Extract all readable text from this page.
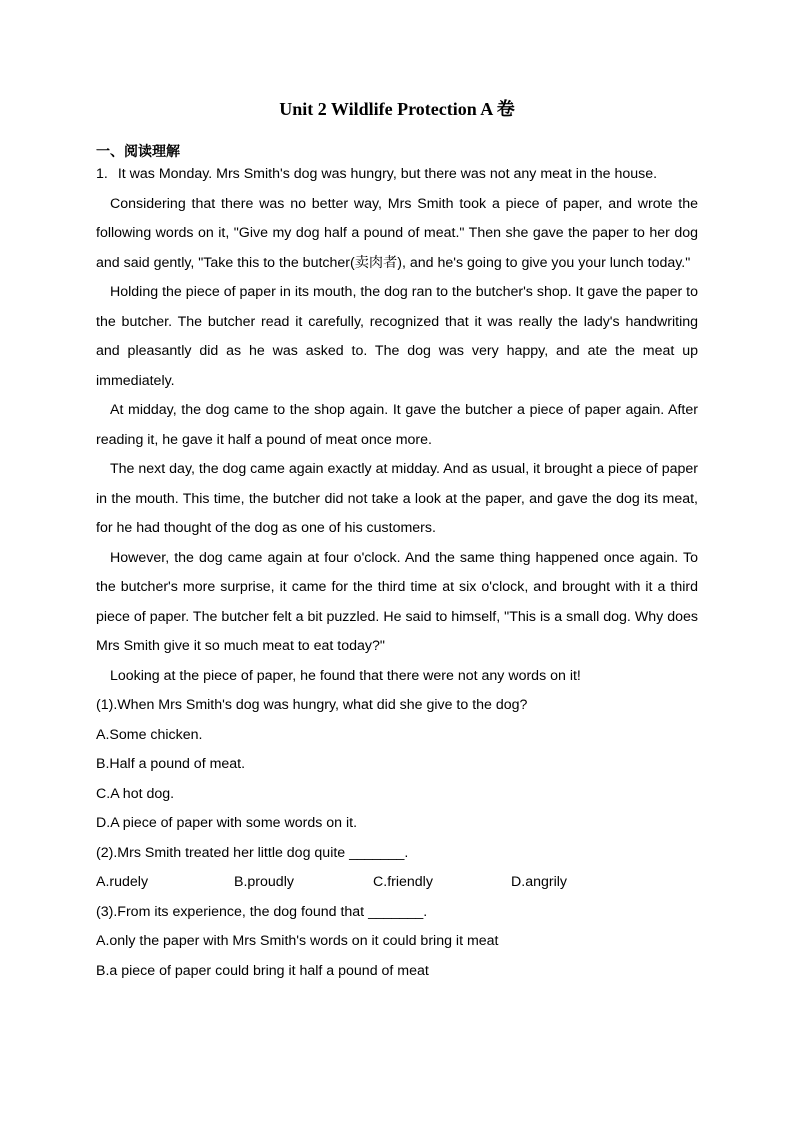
Unit 2 Wildlife Protection A 卷
一、阅读理解

1. It was Monday. Mrs Smith's dog was hungry, but there was not any meat in the house.

Considering that there was no better way, Mrs Smith took a piece of paper, and wrote the following words on it, "Give my dog half a pound of meat." Then she gave the paper to her dog and said gently, "Take this to the butcher(卖肉者), and he's going to give you your lunch today."

Holding the piece of paper in its mouth, the dog ran to the butcher's shop. It gave the paper to the butcher. The butcher read it carefully, recognized that it was really the lady's handwriting and pleasantly did as he was asked to. The dog was very happy, and ate the meat up immediately.

At midday, the dog came to the shop again. It gave the butcher a piece of paper again. After reading it, he gave it half a pound of meat once more.

The next day, the dog came again exactly at midday. And as usual, it brought a piece of paper in the mouth. This time, the butcher did not take a look at the paper, and gave the dog its meat, for he had thought of the dog as one of his customers.

However, the dog came again at four o'clock. And the same thing happened once again. To the butcher's more surprise, it came for the third time at six o'clock, and brought with it a third piece of paper. The butcher felt a bit puzzled. He said to himself, "This is a small dog. Why does Mrs Smith give it so much meat to eat today?"

Looking at the piece of paper, he found that there were not any words on it!

(1).When Mrs Smith's dog was hungry, what did she give to the dog?

A.Some chicken.

B.Half a pound of meat.

C.A hot dog.

D.A piece of paper with some words on it.

(2).Mrs Smith treated her little dog quite _______.

A.rudely	B.proudly	C.friendly	D.angrily

(3).From its experience, the dog found that _______.

A.only the paper with Mrs Smith's words on it could bring it meat

B.a piece of paper could bring it half a pound of meat
